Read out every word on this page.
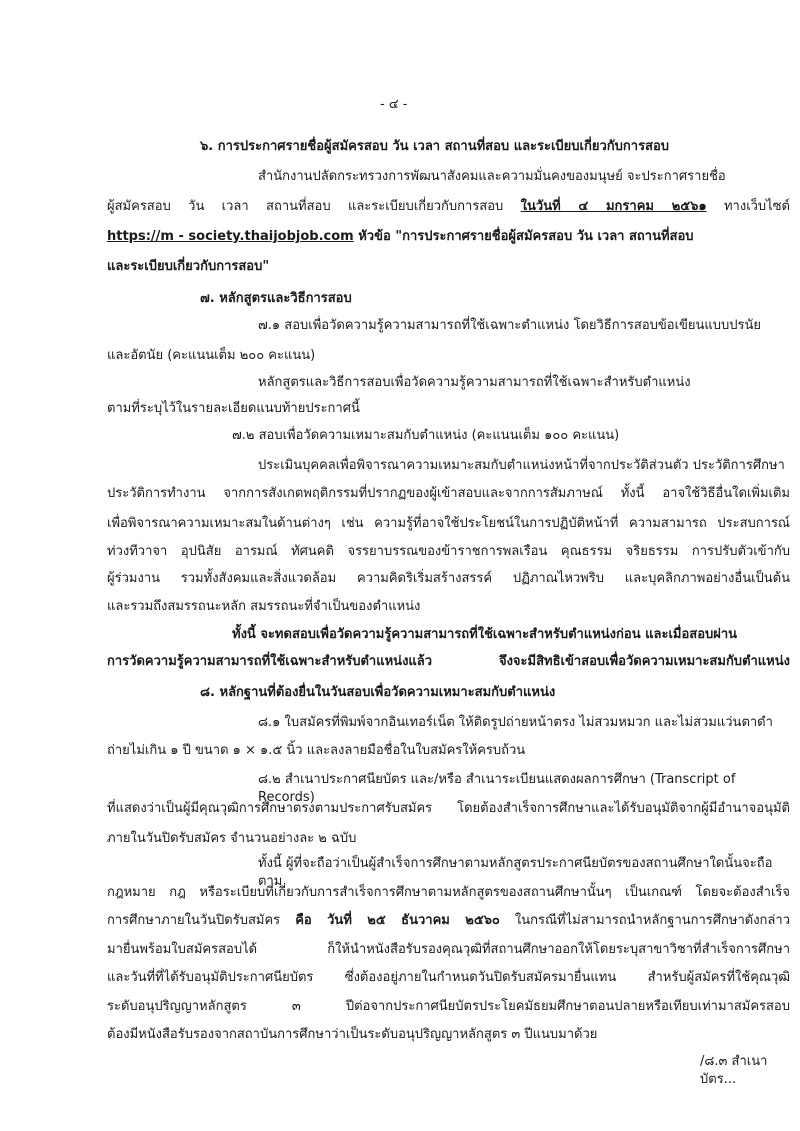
- ๔ -
๖. การประกาศรายชื่อผู้สมัครสอบ วัน เวลา สถานที่สอบ และระเบียบเกี่ยวกับการสอบ
สำนักงานปลัดกระทรวงการพัฒนาสังคมและความมั่นคงของมนุษย์ จะประกาศรายชื่อ
ผู้สมัครสอบ วัน เวลา สถานที่สอบ และระเบียบเกี่ยวกับการสอบ ในวันที่ ๔ มกราคม ๒๕๖๑ ทางเว็บไซต์
https://m - society.thaijobjob.com หัวข้อ "การประกาศรายชื่อผู้สมัครสอบ วัน เวลา สถานที่สอบ
และระเบียบเกี่ยวกับการสอบ"
๗. หลักสูตรและวิธีการสอบ
๗.๑ สอบเพื่อวัดความรู้ความสามารถที่ใช้เฉพาะตำแหน่ง โดยวิธีการสอบข้อเขียนแบบปรนัย
และอัตนัย (คะแนนเต็ม ๒๐๐ คะแนน)
หลักสูตรและวิธีการสอบเพื่อวัดความรู้ความสามารถที่ใช้เฉพาะสำหรับตำแหน่ง
ตามที่ระบุไว้ในรายละเอียดแนบท้ายประกาศนี้
๗.๒ สอบเพื่อวัดความเหมาะสมกับตำแหน่ง (คะแนนเต็ม ๑๐๐ คะแนน)
ประเมินบุคคลเพื่อพิจารณาความเหมาะสมกับตำแหน่งหน้าที่จากประวัติส่วนตัว ประวัติการศึกษา
ประวัติการทำงาน จากการสังเกตพฤติกรรมที่ปรากฏของผู้เข้าสอบและจากการสัมภาษณ์ ทั้งนี้ อาจใช้วิธีอื่นใดเพิ่มเติม
เพื่อพิจารณาความเหมาะสมในด้านต่างๆ เช่น ความรู้ที่อาจใช้ประโยชน์ในการปฏิบัติหน้าที่ ความสามารถ ประสบการณ์
ท่วงทีวาจา อุปนิสัย อารมณ์ ทัศนคติ จรรยาบรรณของข้าราชการพลเรือน คุณธรรม จริยธรรม การปรับตัวเข้ากับ
ผู้ร่วมงาน รวมทั้งสังคมและสิ่งแวดล้อม ความคิดริเริ่มสร้างสรรค์ ปฏิภาณไหวพริบ และบุคลิกภาพอย่างอื่นเป็นต้น
และรวมถึงสมรรถนะหลัก สมรรถนะที่จำเป็นของตำแหน่ง
ทั้งนี้ จะทดสอบเพื่อวัดความรู้ความสามารถที่ใช้เฉพาะสำหรับตำแหน่งก่อน และเมื่อสอบผ่าน
การวัดความรู้ความสามารถที่ใช้เฉพาะสำหรับตำแหน่งแล้ว จึงจะมีสิทธิเข้าสอบเพื่อวัดความเหมาะสมกับตำแหน่ง
๘. หลักฐานที่ต้องยื่นในวันสอบเพื่อวัดความเหมาะสมกับตำแหน่ง
๘.๑ ใบสมัครที่พิมพ์จากอินเทอร์เน็ต ให้ติดรูปถ่ายหน้าตรง ไม่สวมหมวก และไม่สวมแว่นตาดำ
ถ่ายไม่เกิน ๑ ปี ขนาด ๑ × ๑.๕ นิ้ว และลงลายมือชื่อในใบสมัครให้ครบถ้วน
๘.๒ สำเนาประกาศนียบัตร และ/หรือ สำเนาระเบียนแสดงผลการศึกษา (Transcript of Records)
ที่แสดงว่าเป็นผู้มีคุณวุฒิการศึกษาตรงตามประกาศรับสมัคร โดยต้องสำเร็จการศึกษาและได้รับอนุมัติจากผู้มีอำนาจอนุมัติ
ภายในวันปิดรับสมัคร จำนวนอย่างละ ๒ ฉบับ
ทั้งนี้ ผู้ที่จะถือว่าเป็นผู้สำเร็จการศึกษาตามหลักสูตรประกาศนียบัตรของสถานศึกษาใดนั้นจะถือตาม
กฎหมาย กฎ หรือระเบียบที่เกี่ยวกับการสำเร็จการศึกษาตามหลักสูตรของสถานศึกษานั้นๆ เป็นเกณฑ์ โดยจะต้องสำเร็จ
การศึกษาภายในวันปิดรับสมัคร คือ วันที่ ๒๕ ธันวาคม ๒๕๖๐ ในกรณีที่ไม่สามารถนำหลักฐานการศึกษาดังกล่าว
มายื่นพร้อมใบสมัครสอบได้ ก็ให้นำหนังสือรับรองคุณวุฒิที่สถานศึกษาออกให้โดยระบุสาขาวิชาที่สำเร็จการศึกษา
และวันที่ที่ได้รับอนุมัติประกาศนียบัตร ซึ่งต้องอยู่ภายในกำหนดวันปิดรับสมัครมายื่นแทน สำหรับผู้สมัครที่ใช้คุณวุฒิ
ระดับอนุปริญญาหลักสูตร ๓ ปีต่อจากประกาศนียบัตรประโยคมัธยมศึกษาตอนปลายหรือเทียบเท่ามาสมัครสอบ
ต้องมีหนังสือรับรองจากสถาบันการศึกษาว่าเป็นระดับอนุปริญญาหลักสูตร ๓ ปีแนบมาด้วย
/๘.๓ สำเนาบัตร...
